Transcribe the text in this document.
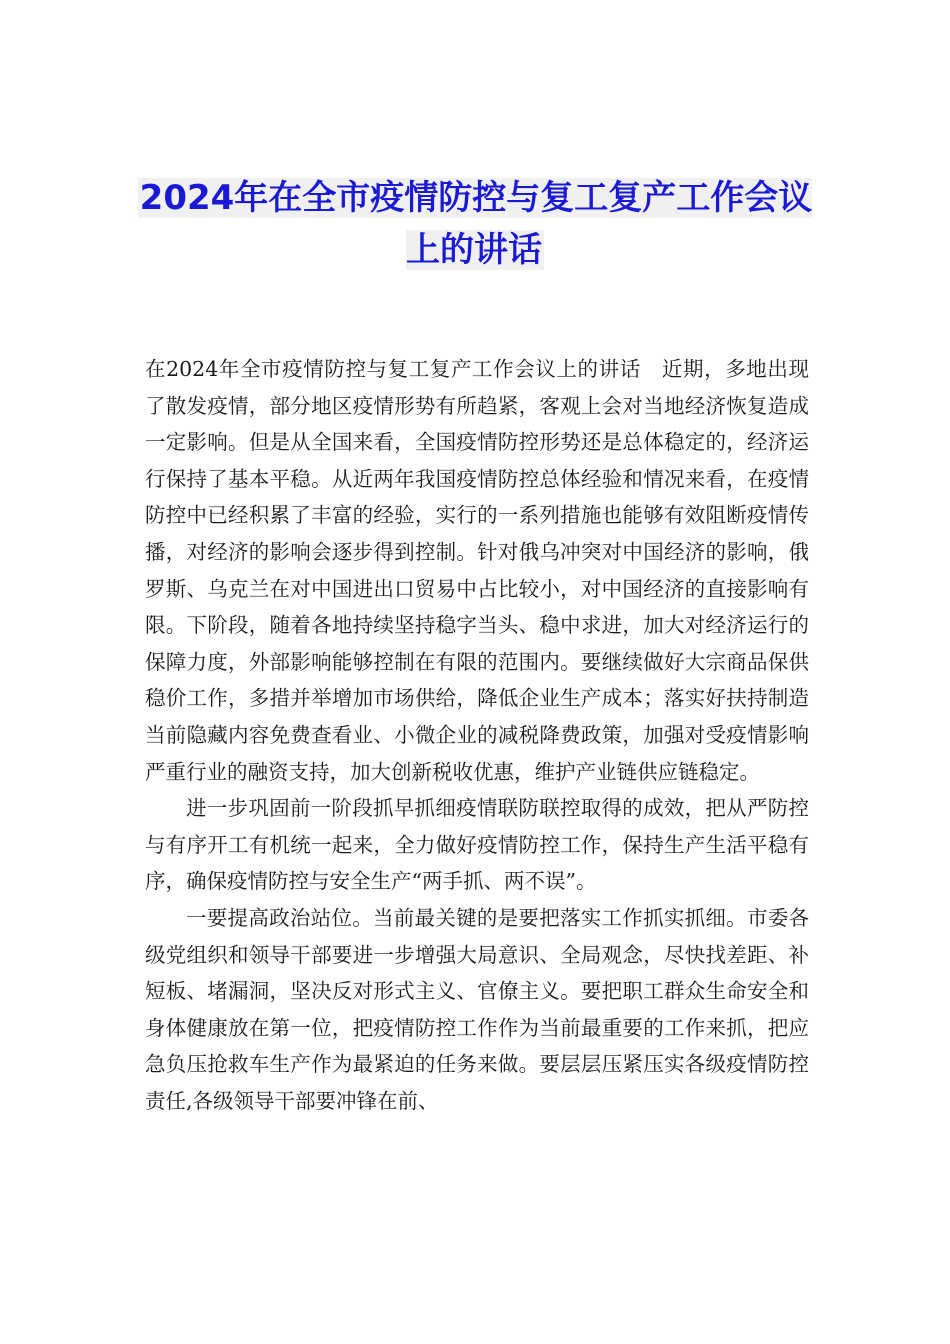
2024年在全市疫情防控与复工复产工作会议上的讲话

在2024年全市疫情防控与复工复产工作会议上的讲话　近期，多地出现了散发疫情，部分地区疫情形势有所趋紧，客观上会对当地经济恢复造成一定影响。但是从全国来看，全国疫情防控形势还是总体稳定的，经济运行保持了基本平稳。从近两年我国疫情防控总体经验和情况来看，在疫情防控中已经积累了丰富的经验，实行的一系列措施也能够有效阻断疫情传播，对经济的影响会逐步得到控制。针对俄乌冲突对中国经济的影响，俄罗斯、乌克兰在对中国进出口贸易中占比较小，对中国经济的直接影响有限。下阶段，随着各地持续坚持稳字当头、稳中求进，加大对经济运行的保障力度，外部影响能够控制在有限的范围内。要继续做好大宗商品保供稳价工作，多措并举增加市场供给，降低企业生产成本；落实好扶持制造当前隐藏内容免费查看业、小微企业的减税降费政策，加强对受疫情影响严重行业的融资支持，加大创新税收优惠，维护产业链供应链稳定。

进一步巩固前一阶段抓早抓细疫情联防联控取得的成效，把从严防控与有序开工有机统一起来，全力做好疫情防控工作，保持生产生活平稳有序，确保疫情防控与安全生产“两手抓、两不误”。

一要提高政治站位。当前最关键的是要把落实工作抓实抓细。市委各级党组织和领导干部要进一步增强大局意识、全局观念，尽快找差距、补短板、堵漏洞，坚决反对形式主义、官僚主义。要把职工群众生命安全和身体健康放在第一位，把疫情防控工作作为当前最重要的工作来抓，把应急负压抢救车生产作为最紧迫的任务来做。要层层压紧压实各级疫情防控责任,各级领导干部要冲锋在前、
